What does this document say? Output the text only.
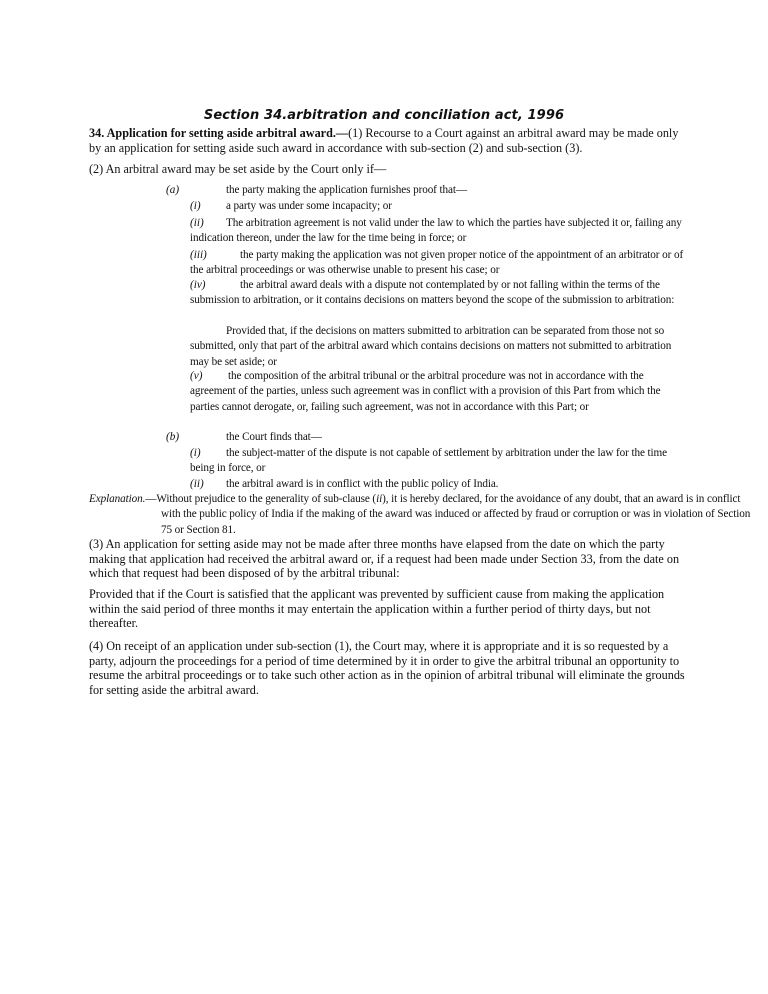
Section 34.arbitration and conciliation act, 1996
34. Application for setting aside arbitral award.—(1) Recourse to a Court against an arbitral award may be made only by an application for setting aside such award in accordance with sub-section (2) and sub-section (3).
(2) An arbitral award may be set aside by the Court only if—
(a)	the party making the application furnishes proof that—
(i) a party was under some incapacity; or
(ii)	The arbitration agreement is not valid under the law to which the parties have subjected it or, failing any indication thereon, under the law for the time being in force; or
(iii)	the party making the application was not given proper notice of the appointment of an arbitrator or of the arbitral proceedings or was otherwise unable to present his case; or
(iv)	the arbitral award deals with a dispute not contemplated by or not falling within the terms of the submission to arbitration, or it contains decisions on matters beyond the scope of the submission to arbitration:
Provided that, if the decisions on matters submitted to arbitration can be separated from those not so submitted, only that part of the arbitral award which contains decisions on matters not submitted to arbitration may be set aside; or
(v)	the composition of the arbitral tribunal or the arbitral procedure was not in accordance with the agreement of the parties, unless such agreement was in conflict with a provision of this Part from which the parties cannot derogate, or, failing such agreement, was not in accordance with this Part; or
(b)	the Court finds that—
(i)	the subject-matter of the dispute is not capable of settlement by arbitration under the law for the time being in force, or
(ii) the arbitral award is in conflict with the public policy of India.
Explanation.—Without prejudice to the generality of sub-clause (ii), it is hereby declared, for the avoidance of any doubt, that an award is in conflict with the public policy of India if the making of the award was induced or affected by fraud or corruption or was in violation of Section 75 or Section 81.
(3) An application for setting aside may not be made after three months have elapsed from the date on which the party making that application had received the arbitral award or, if a request had been made under Section 33, from the date on which that request had been disposed of by the arbitral tribunal:
Provided that if the Court is satisfied that the applicant was prevented by sufficient cause from making the application within the said period of three months it may entertain the application within a further period of thirty days, but not thereafter.
(4) On receipt of an application under sub-section (1), the Court may, where it is appropriate and it is so requested by a party, adjourn the proceedings for a period of time determined by it in order to give the arbitral tribunal an opportunity to resume the arbitral proceedings or to take such other action as in the opinion of arbitral tribunal will eliminate the grounds for setting aside the arbitral award.
